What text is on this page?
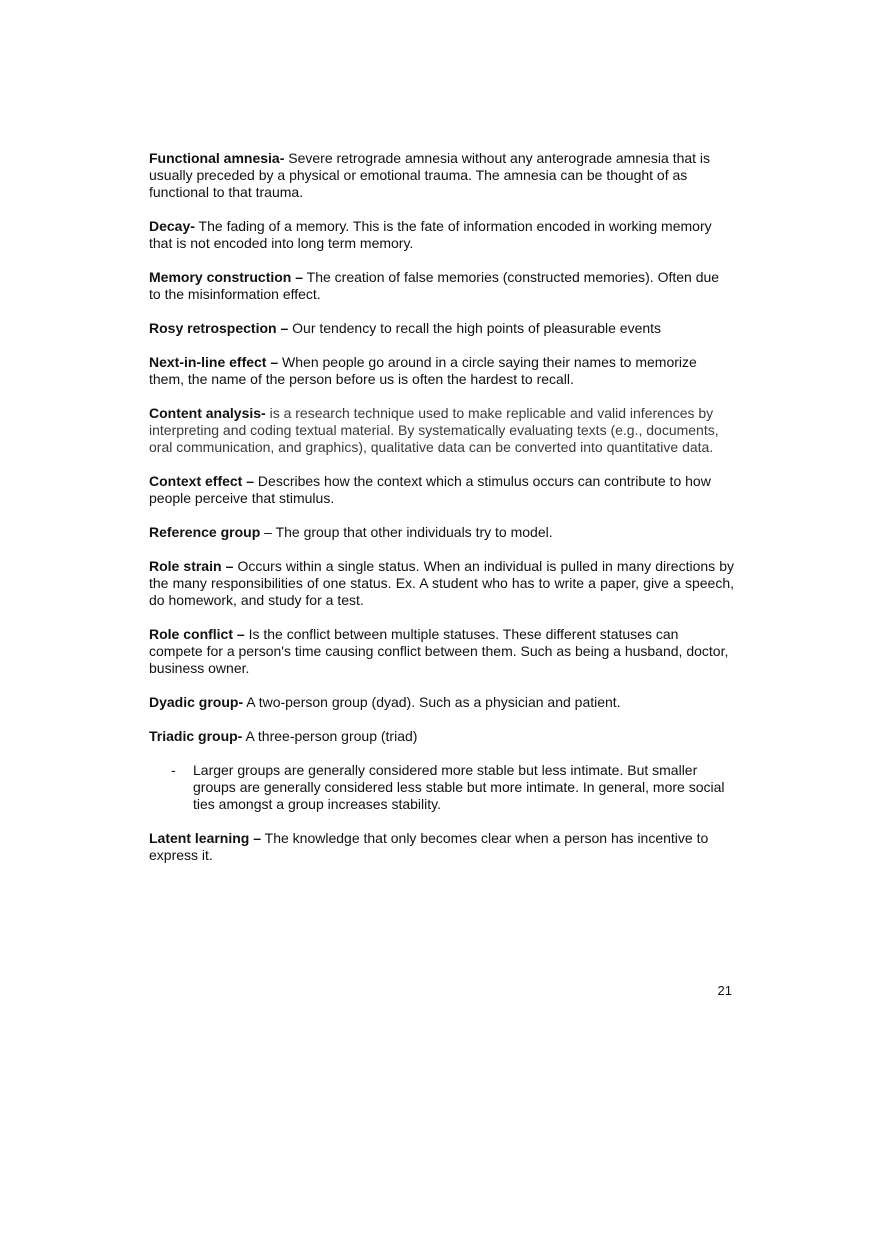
Functional amnesia- Severe retrograde amnesia without any anterograde amnesia that is usually preceded by a physical or emotional trauma. The amnesia can be thought of as functional to that trauma.

Decay- The fading of a memory. This is the fate of information encoded in working memory that is not encoded into long term memory.

Memory construction – The creation of false memories (constructed memories). Often due to the misinformation effect.

Rosy retrospection – Our tendency to recall the high points of pleasurable events

Next-in-line effect – When people go around in a circle saying their names to memorize them, the name of the person before us is often the hardest to recall.

Content analysis- is a research technique used to make replicable and valid inferences by interpreting and coding textual material. By systematically evaluating texts (e.g., documents, oral communication, and graphics), qualitative data can be converted into quantitative data.

Context effect – Describes how the context which a stimulus occurs can contribute to how people perceive that stimulus.

Reference group – The group that other individuals try to model.

Role strain – Occurs within a single status. When an individual is pulled in many directions by the many responsibilities of one status. Ex. A student who has to write a paper, give a speech, do homework, and study for a test.

Role conflict – Is the conflict between multiple statuses. These different statuses can compete for a person's time causing conflict between them. Such as being a husband, doctor, business owner.

Dyadic group- A two-person group (dyad). Such as a physician and patient.

Triadic group- A three-person group (triad)

-	Larger groups are generally considered more stable but less intimate. But smaller groups are generally considered less stable but more intimate. In general, more social ties amongst a group increases stability.

Latent learning – The knowledge that only becomes clear when a person has incentive to express it.

21
